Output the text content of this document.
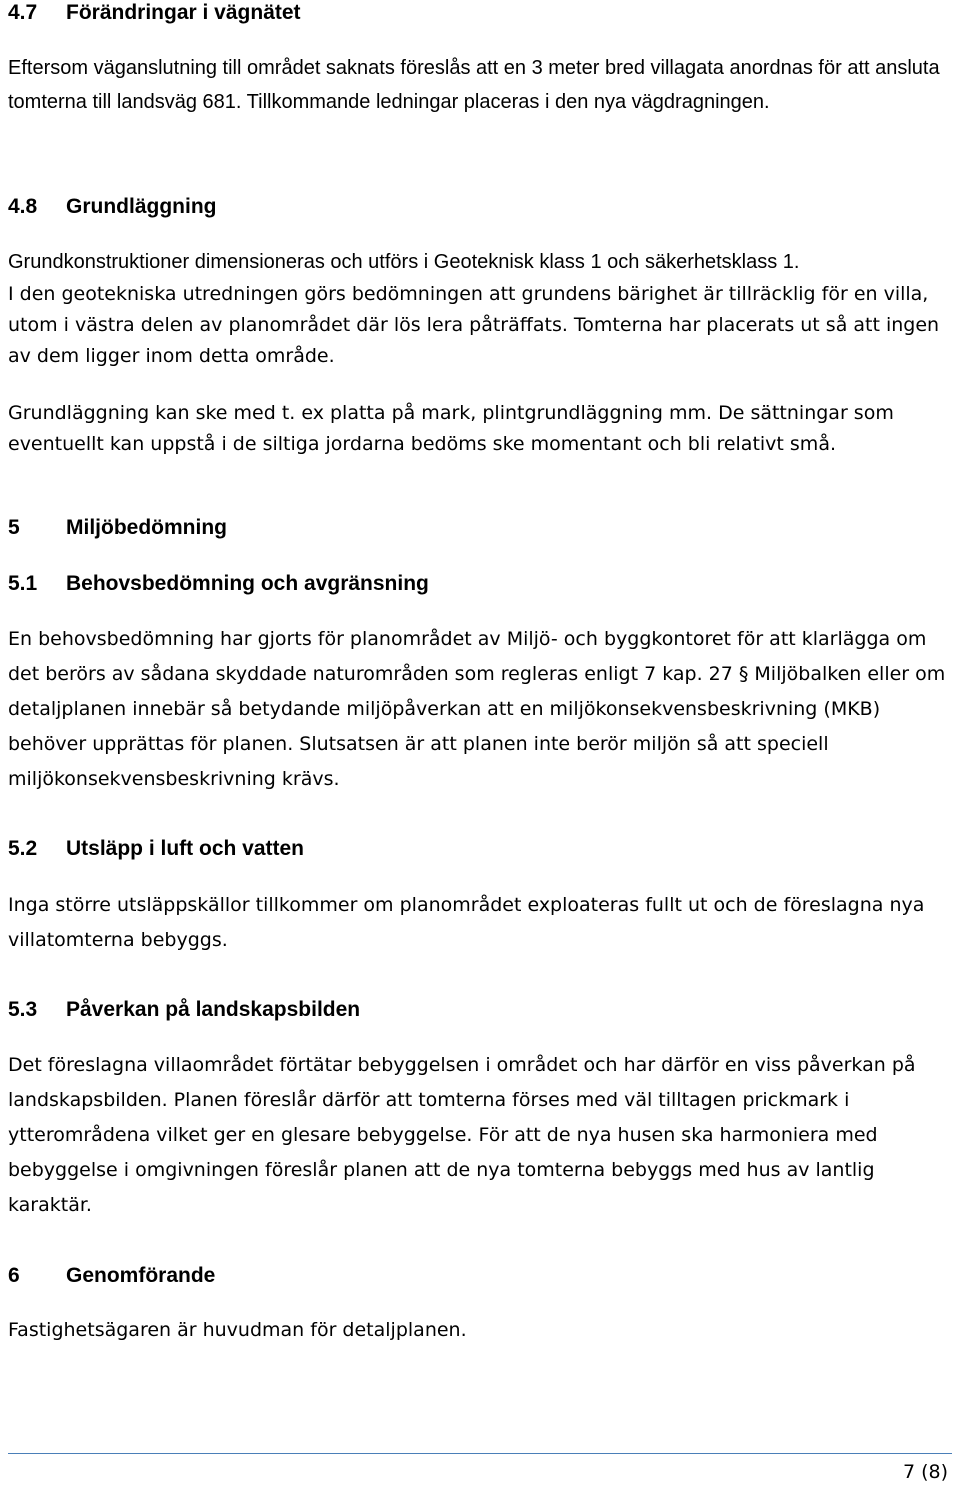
4.7 Förändringar i vägnätet
Eftersom väganslutning till området saknats föreslås att en 3 meter bred villagata anordnas för att ansluta tomterna till landsväg 681. Tillkommande ledningar placeras i den nya vägdragningen.
4.8 Grundläggning
Grundkonstruktioner dimensioneras och utförs i Geoteknisk klass 1 och säkerhetsklass 1.
I den geotekniska utredningen görs bedömningen att grundens bärighet är tillräcklig för en villa, utom i västra delen av planområdet där lös lera påträffats. Tomterna har placerats ut så att ingen av dem ligger inom detta område.
Grundläggning kan ske med t. ex platta på mark, plintgrundläggning mm. De sättningar som eventuellt kan uppstå i de siltiga jordarna bedöms ske momentant och bli relativt små.
5 Miljöbedömning
5.1 Behovsbedömning och avgränsning
En behovsbedömning har gjorts för planområdet av Miljö- och byggkontoret för att klarlägga om det berörs av sådana skyddade naturområden som regleras enligt 7 kap. 27 § Miljöbalken eller om detaljplanen innebär så betydande miljöpåverkan att en miljökonsekvensbeskrivning (MKB) behöver upprättas för planen. Slutsatsen är att planen inte berör miljön så att speciell miljökonsekvensbeskrivning krävs.
5.2 Utsläpp i luft och vatten
Inga större utsläppskällor tillkommer om planområdet exploateras fullt ut och de föreslagna nya villatomterna bebyggs.
5.3 Påverkan på landskapsbilden
Det föreslagna villaområdet förtätar bebyggelsen i området och har därför en viss påverkan på landskapsbilden. Planen föreslår därför att tomterna förses med väl tilltagen prickmark i ytterområdena vilket ger en glesare bebyggelse. För att de nya husen ska harmoniera med bebyggelse i omgivningen föreslår planen att de nya tomterna bebyggs med hus av lantlig karaktär.
6 Genomförande
Fastighetsägaren är huvudman för detaljplanen.
7 (8)
